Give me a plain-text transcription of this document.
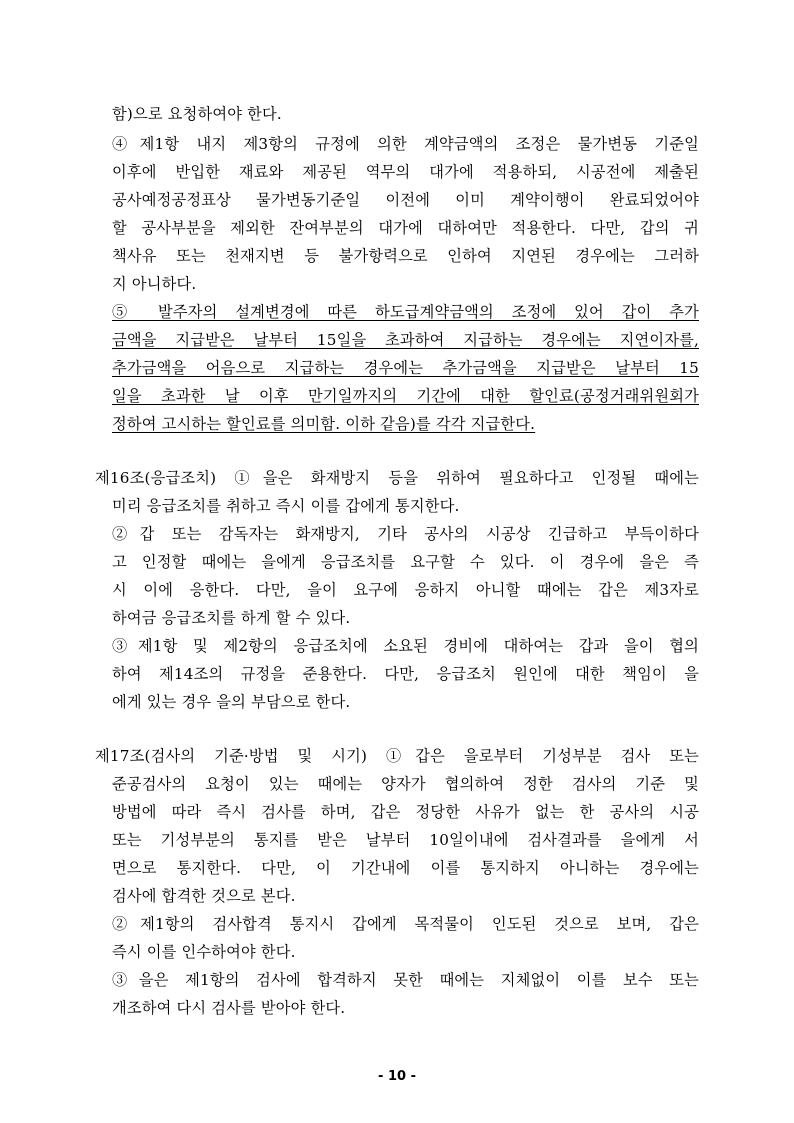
함)으로 요청하여야 한다.
④제1항 내지 제3항의 규정에 의한 계약금액의 조정은 물가변동 기준일
이후에 반입한 재료와 제공된 역무의 대가에 적용하되, 시공전에 제출된
공사예정공정표상 물가변동기준일 이전에 이미 계약이행이 완료되었어야
할 공사부분을 제외한 잔여부분의 대가에 대하여만 적용한다. 다만, 갑의 귀
책사유 또는 천재지변 등 불가항력으로 인하여 지연된 경우에는 그러하
지 아니하다.
⑤ 발주자의 설계변경에 따른 하도급계약금액의 조정에 있어 갑이 추가
금액을 지급받은 날부터 15일을 초과하여 지급하는 경우에는 지연이자를,
추가금액을 어음으로 지급하는 경우에는 추가금액을 지급받은 날부터 15
일을 초과한 날 이후 만기일까지의 기간에 대한 할인료(공정거래위원회가
정하여 고시하는 할인료를 의미함. 이하 같음)를 각각 지급한다.
제16조(응급조치) ①을은 화재방지 등을 위하여 필요하다고 인정될 때에는
미리 응급조치를 취하고 즉시 이를 갑에게 통지한다.
②갑 또는 감독자는 화재방지, 기타 공사의 시공상 긴급하고 부득이하다
고 인정할 때에는 을에게 응급조치를 요구할 수 있다. 이 경우에 을은 즉
시 이에 응한다. 다만, 을이 요구에 응하지 아니할 때에는 갑은 제3자로
하여금 응급조치를 하게 할 수 있다.
③제1항 및 제2항의 응급조치에 소요된 경비에 대하여는 갑과 을이 협의
하여 제14조의 규정을 준용한다. 다만, 응급조치 원인에 대한 책임이 을
에게 있는 경우 을의 부담으로 한다.
제17조(검사의 기준·방법 및 시기) ①갑은 을로부터 기성부분 검사 또는
준공검사의 요청이 있는 때에는 양자가 협의하여 정한 검사의 기준 및
방법에 따라 즉시 검사를 하며, 갑은 정당한 사유가 없는 한 공사의 시공
또는 기성부분의 통지를 받은 날부터 10일이내에 검사결과를 을에게 서
면으로 통지한다. 다만, 이 기간내에 이를 통지하지 아니하는 경우에는
검사에 합격한 것으로 본다.
②제1항의 검사합격 통지시 갑에게 목적물이 인도된 것으로 보며, 갑은
즉시 이를 인수하여야 한다.
③을은 제1항의 검사에 합격하지 못한 때에는 지체없이 이를 보수 또는
개조하여 다시 검사를 받아야 한다.
- 10 -
